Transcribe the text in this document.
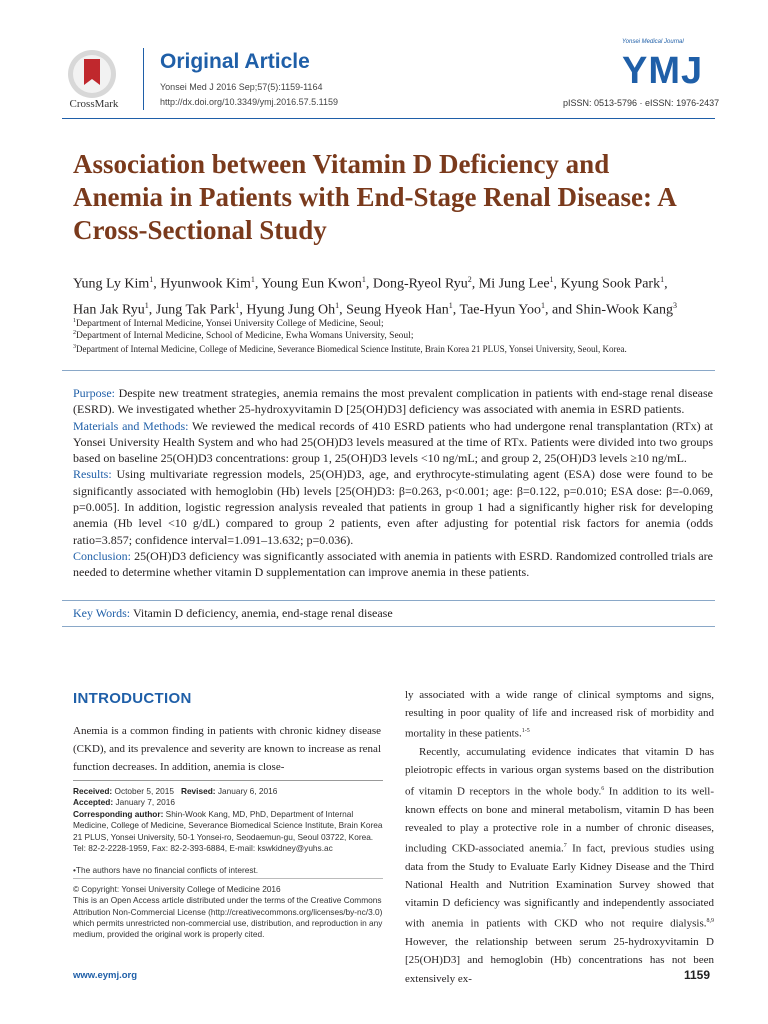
CrossMark
Original Article
Yonsei Med J 2016 Sep;57(5):1159-1164
http://dx.doi.org/10.3349/ymj.2016.57.5.1159
Yonsei Medical Journal
YMJ
pISSN: 0513-5796 · eISSN: 1976-2437
Association between Vitamin D Deficiency and Anemia in Patients with End-Stage Renal Disease: A Cross-Sectional Study
Yung Ly Kim$^1$, Hyunwook Kim$^1$, Young Eun Kwon$^1$, Dong-Ryeol Ryu$^2$, Mi Jung Lee$^1$, Kyung Sook Park$^1$,
Han Jak Ryu$^1$, Jung Tak Park$^1$, Hyung Jung Oh$^1$, Seung Hyeok Han$^1$, Tae-Hyun Yoo$^1$, and Shin-Wook Kang$^3$
$^1$Department of Internal Medicine, Yonsei University College of Medicine, Seoul;
$^2$Department of Internal Medicine, School of Medicine, Ewha Womans University, Seoul;
$^3$Department of Internal Medicine, College of Medicine, Severance Biomedical Science Institute, Brain Korea 21 PLUS, Yonsei University, Seoul, Korea.

Purpose: Despite new treatment strategies, anemia remains the most prevalent complication in patients with end-stage renal disease (ESRD). We investigated whether 25-hydroxyvitamin D [25(OH)D3] deficiency was associated with anemia in ESRD patients.

Materials and Methods: We reviewed the medical records of 410 ESRD patients who had undergone renal transplantation (RTx) at Yonsei University Health System and who had 25(OH)D3 levels measured at the time of RTx. Patients were divided into two groups based on baseline 25(OH)D3 concentrations: group 1, 25(OH)D3 levels <10 ng/mL; and group 2, 25(OH)D3 levels ≥10 ng/mL.

Results: Using multivariate regression models, 25(OH)D3, age, and erythrocyte-stimulating agent (ESA) dose were found to be significantly associated with hemoglobin (Hb) levels [25(OH)D3: β=0.263, p<0.001; age: β=0.122, p=0.010; ESA dose: β=-0.069, p=0.005]. In addition, logistic regression analysis revealed that patients in group 1 had a significantly higher risk for developing anemia (Hb level <10 g/dL) compared to group 2 patients, even after adjusting for potential risk factors for anemia (odds ratio=3.857; confidence interval=1.091–13.632; p=0.036).

Conclusion: 25(OH)D3 deficiency was significantly associated with anemia in patients with ESRD. Randomized controlled trials are needed to determine whether vitamin D supplementation can improve anemia in these patients.

Key Words: Vitamin D deficiency, anemia, end-stage renal disease
INTRODUCTION
Anemia is a common finding in patients with chronic kidney disease (CKD), and its prevalence and severity are known to increase as renal function decreases. In addition, anemia is close-

Received: October 5, 2015 Revised: January 6, 2016

Accepted: January 7, 2016

Corresponding author: Shin-Wook Kang, MD, PhD, Department of Internal Medicine, College of Medicine, Severance Biomedical Science Institute, Brain Korea 21 PLUS, Yonsei University, 50-1 Yonsei-ro, Seodaemun-gu, Seoul 03722, Korea.

Tel: 82-2-2228-1959, Fax: 82-2-393-6884, E-mail: kswkidney@yuhs.ac

•The authors have no financial conflicts of interest.
© Copyright: Yonsei University College of Medicine 2016
This is an Open Access article distributed under the terms of the Creative Commons Attribution Non-Commercial License (http://creativecommons.org/licenses/by-nc/3.0) which permits unrestricted non-commercial use, distribution, and reproduction in any medium, provided the original work is properly cited.

ly associated with a wide range of clinical symptoms and signs, resulting in poor quality of life and increased risk of morbidity and mortality in these patients.$^{1-5}$

Recently, accumulating evidence indicates that vitamin D has pleiotropic effects in various organ systems based on the distribution of vitamin D receptors in the whole body.$^6$ In addition to its well-known effects on bone and mineral metabolism, vitamin D has been revealed to play a protective role in a number of chronic diseases, including CKD-associated anemia.$^7$ In fact, previous studies using data from the Study to Evaluate Early Kidney Disease and the Third National Health and Nutrition Examination Survey showed that vitamin D deficiency was significantly and independently associated with anemia in patients with CKD who not require dialysis.$^{8,9}$ However, the relationship between serum 25-hydroxyvitamin D [25(OH)D3] and hemoglobin (Hb) concentrations has not been extensively ex-

www.eymj.org	1159
